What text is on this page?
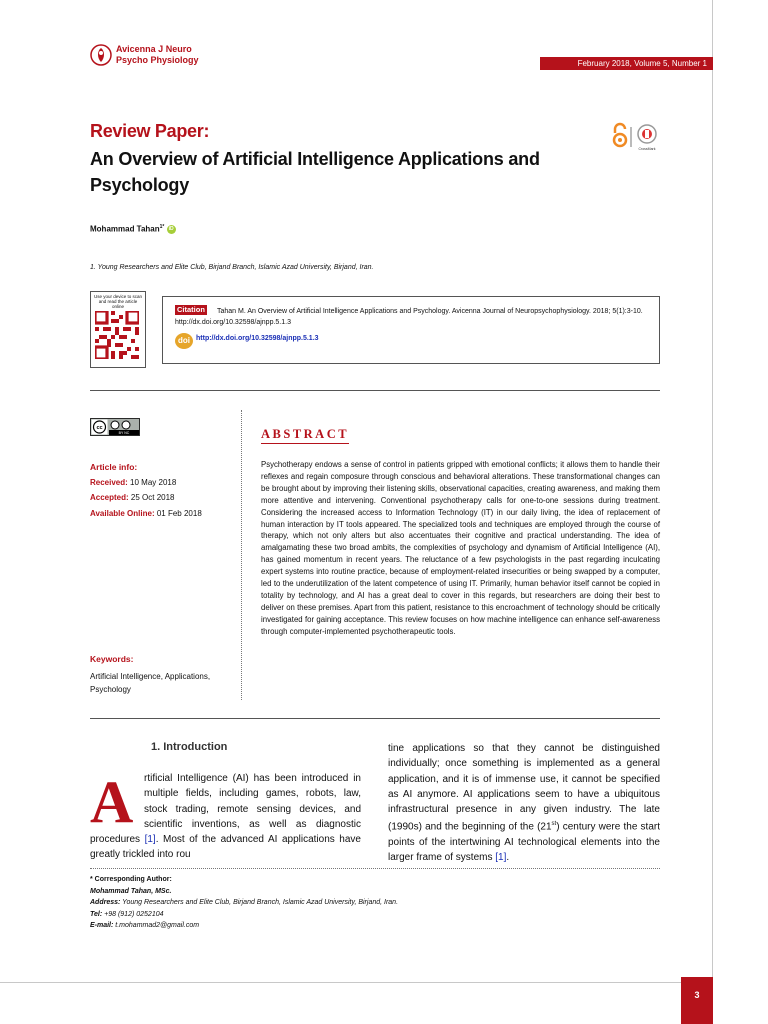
Avicenna J Neuro
Psycho Physiology	February 2018, Volume 5, Number 1
Review Paper:
An Overview of Artificial Intelligence Applications and Psychology
CrossMark
Mohammad Tahan$^{1*}$ iD
1. Young Researchers and Elite Club, Birjand Branch, Islamic Azad University, Birjand, Iran.
Use your device to scan and read the article online
Tahan M. An Overview of Artificial Intelligence Applications and Psychology. Avicenna Journal of Neuropsychophysiology. 2018; 5(1):3-10. http://dx.doi.org/10.32598/ajnpp.5.1.3
Citation
doi http://dx.doi.org/10.32598/ajnpp.5.1.3
cc
BY NC
Article info:
Received: 10 May 2018
Accepted: 25 Oct 2018
Available Online: 01 Feb 2018
Keywords:
Artificial Intelligence, Applications, Psychology
ABSTRACT
Psychotherapy endows a sense of control in patients gripped with emotional conflicts; it allows them to handle their reflexes and regain composure through conscious and behavioral alterations. These transformational changes can be brought about by improving their listening skills, observational capacities, creating awareness, and making them more attentive and intervening. Conventional psychotherapy calls for one-to-one sessions during treatment. Considering the increased access to Information Technology (IT) in our daily living, the idea of replacement of human interaction by IT tools appeared. The specialized tools and techniques are employed through the course of therapy, which not only alters but also accentuates their cognitive and practical understanding. The idea of amalgamating these two broad ambits, the complexities of psychology and dynamism of Artificial Intelligence (AI), has gained momentum in recent years. The reluctance of a few psychologists in the past regarding inculcating expert systems into routine practice, because of employment-related insecurities or being swapped by a computer, led to the underutilization of the latent competence of using IT. Primarily, human behavior itself cannot be copied in totality by technology, and AI has a great deal to cover in this regards, but researchers are doing their best to deliver on these premises. Apart from this patient, resistance to this encroachment of technology should be critically investigated for gaining acceptance. This review focuses on how machine intelligence can enhance self-awareness through computer-implemented psychotherapeutic tools.
1. Introduction
A	rtificial Intelligence (AI) has been introduced in multiple fields, including games, robots, law, stock trading, remote sensing devices, and scientific inventions, as well as diagnostic procedures [1]. Most of the advanced AI applications have greatly trickled into rou
tine applications so that they cannot be distinguished individually; once something is implemented as a general application, and it is of immense use, it cannot be specified as AI anymore. AI applications seem to have a ubiquitous infrastructural presence in any given industry. The late (1990s) and the beginning of the (21st) century were the start points of the intertwining AI technological elements into the larger frame of systems [1].
* Corresponding Author:
Mohammad Tahan, MSc.
Address: Young Researchers and Elite Club, Birjand Branch, Islamic Azad University, Birjand, Iran.
Tel: +98 (912) 0252104
E-mail: t.mohammad2@gmail.com
3
